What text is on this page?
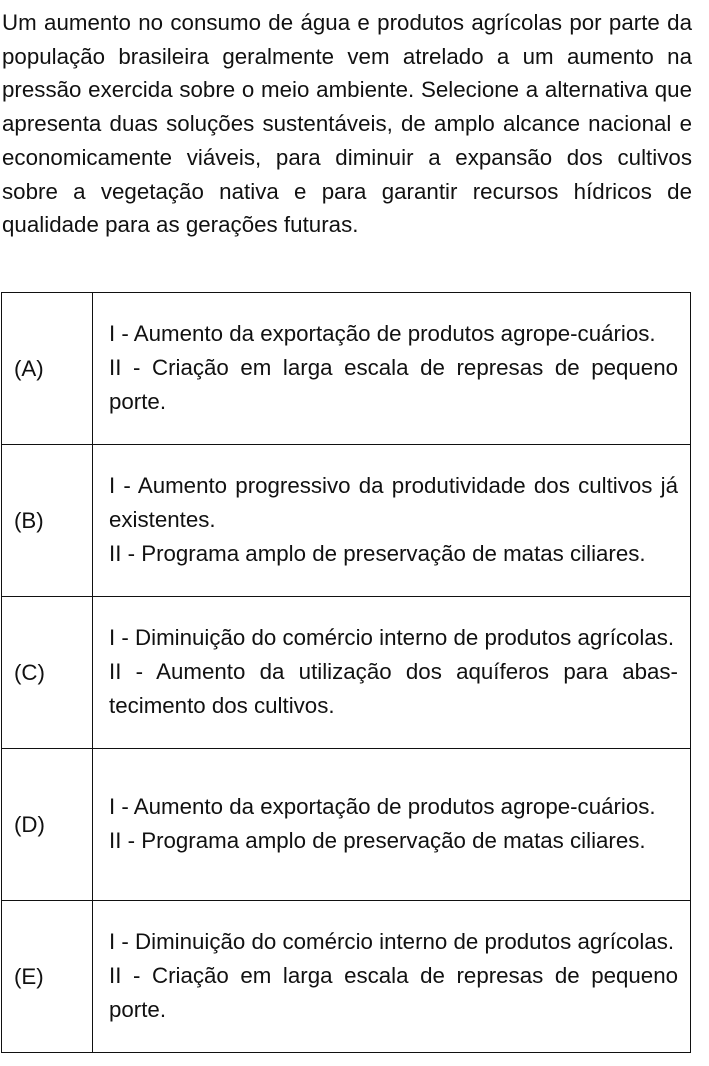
Um aumento no consumo de água e produtos agrícolas por parte da população brasileira geralmente vem atrelado a um aumento na pressão exercida sobre o meio ambiente. Selecione a alternativa que apresenta duas soluções sustentáveis, de amplo alcance nacional e economicamente viáveis, para diminuir a expansão dos cultivos sobre a vegetação nativa e para garantir recursos hídricos de qualidade para as gerações futuras.
(A)	I - Aumento da exportação de produtos agrope-cuários.
II - Criação em larga escala de represas de pequeno porte.

(B)	I - Aumento progressivo da produtividade dos cultivos já existentes.
II - Programa amplo de preservação de matas ciliares.

(C)	I - Diminuição do comércio interno de produtos agrícolas.
II - Aumento da utilização dos aquíferos para abas-tecimento dos cultivos.

(D)	I - Aumento da exportação de produtos agrope-cuários.
II - Programa amplo de preservação de matas ciliares.

(E)	I - Diminuição do comércio interno de produtos agrícolas.
II - Criação em larga escala de represas de pequeno porte.
